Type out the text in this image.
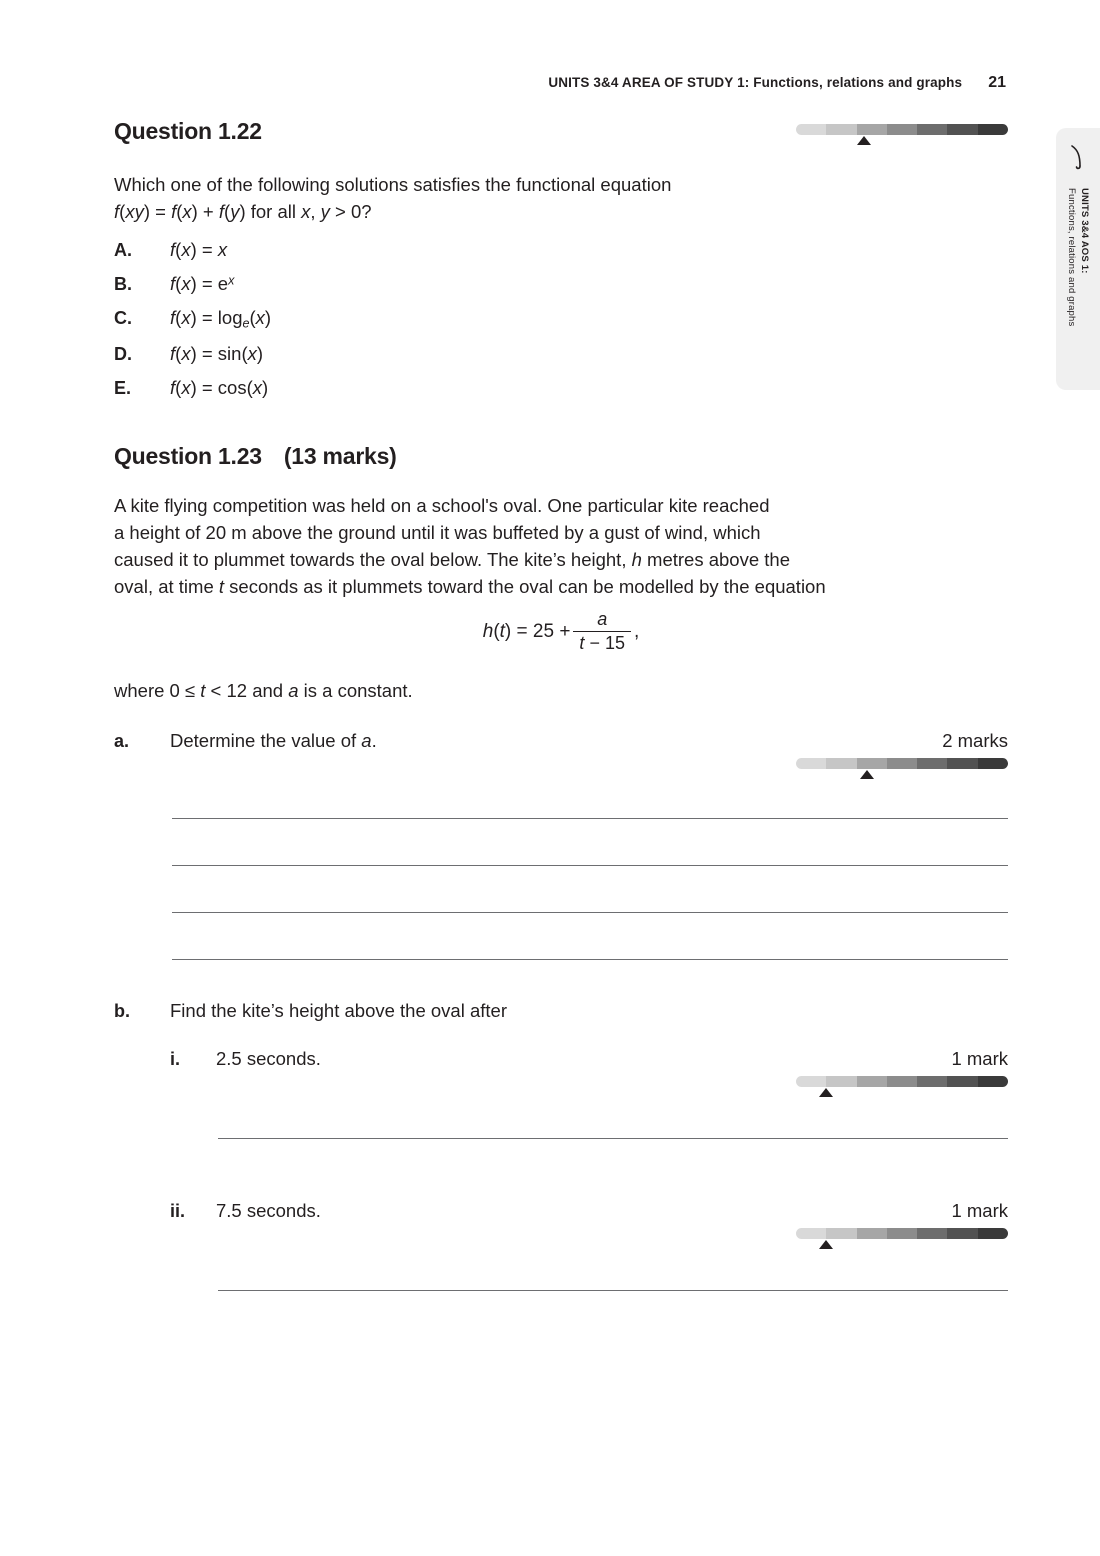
UNITS 3&4 AREA OF STUDY 1: Functions, relations and graphs 21
UNITS 3&4 AOS 1:
Functions, relations and graphs
Question 1.22
Which one of the following solutions satisfies the functional equation
f(xy) = f(x) + f(y) for all x, y > 0?
A.	f(x) = x
B.	$f(x) = e^x$
C.	$f(x) = \log_e(x)$
D.	f(x) = sin(x)
E.	f(x) = cos(x)
Question 1.23 (13 marks)
A kite flying competition was held on a school's oval. One particular kite reached
a height of 20 m above the ground until it was buffeted by a gust of wind, which
caused it to plummet towards the oval below. The kite’s height, h metres above the
oval, at time t seconds as it plummets toward the oval can be modelled by the equation
$h(t) = 25 + \frac{a}{t - 15}$ ,
where 0 ≤ t < 12 and a is a constant.
a.	Determine the value of a.	2 marks
b.	Find the kite’s height above the oval after
i.	2.5 seconds.	1 mark
ii.	7.5 seconds.	1 mark
